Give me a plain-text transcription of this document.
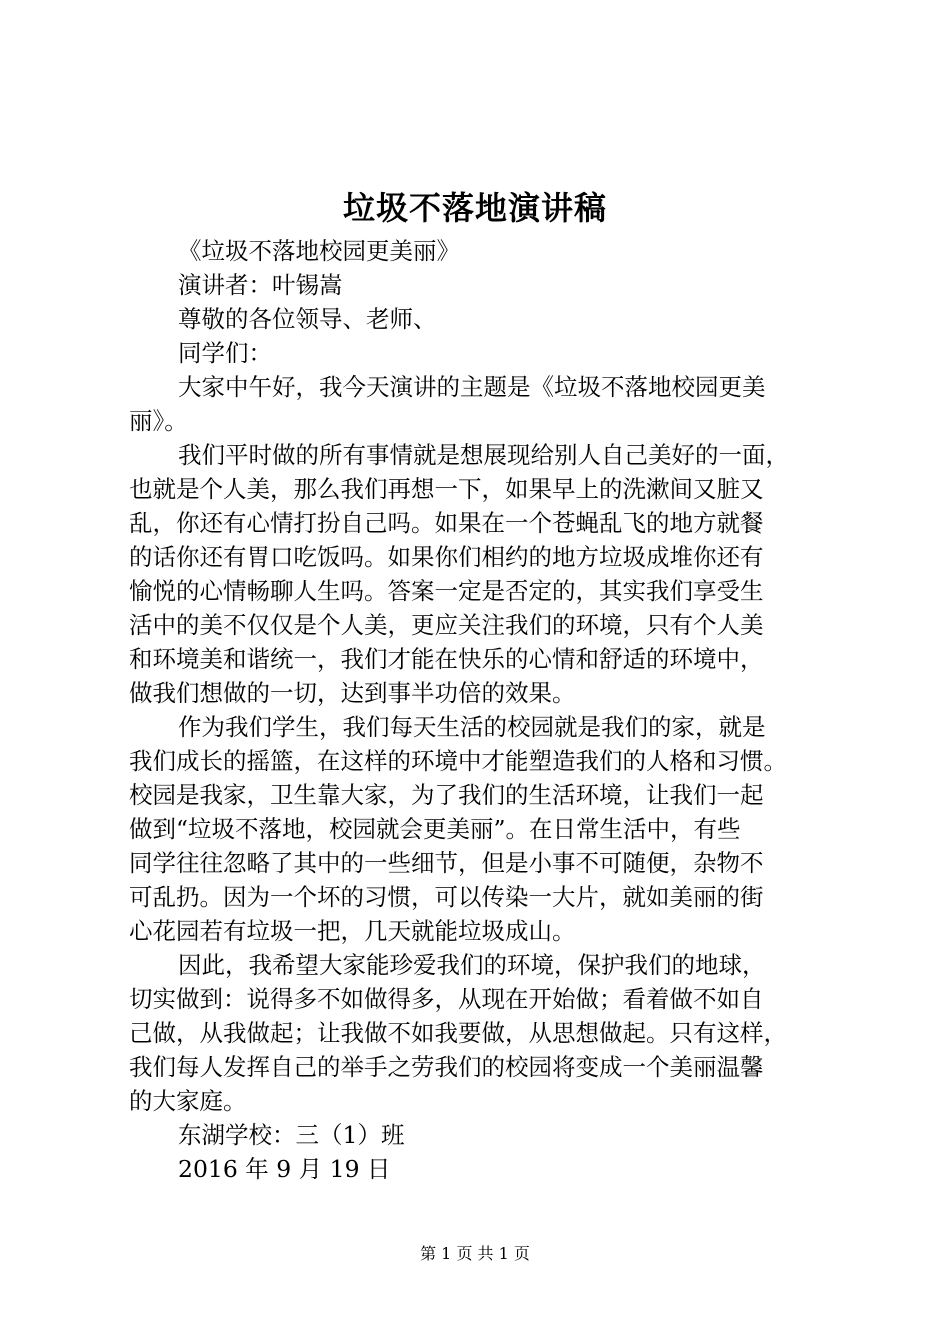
垃圾不落地演讲稿
《垃圾不落地校园更美丽》
演讲者：叶锡嵩
尊敬的各位领导、老师、
同学们：
大家中午好，我今天演讲的主题是《垃圾不落地校园更美
丽》。
我们平时做的所有事情就是想展现给别人自己美好的一面，
也就是个人美，那么我们再想一下，如果早上的洗漱间又脏又
乱，你还有心情打扮自己吗。如果在一个苍蝇乱飞的地方就餐
的话你还有胃口吃饭吗。如果你们相约的地方垃圾成堆你还有
愉悦的心情畅聊人生吗。答案一定是否定的，其实我们享受生
活中的美不仅仅是个人美，更应关注我们的环境，只有个人美
和环境美和谐统一，我们才能在快乐的心情和舒适的环境中，
做我们想做的一切，达到事半功倍的效果。
作为我们学生，我们每天生活的校园就是我们的家，就是
我们成长的摇篮，在这样的环境中才能塑造我们的人格和习惯。
校园是我家，卫生靠大家，为了我们的生活环境，让我们一起
做到“垃圾不落地，校园就会更美丽”。在日常生活中，有些
同学往往忽略了其中的一些细节，但是小事不可随便，杂物不
可乱扔。因为一个坏的习惯，可以传染一大片，就如美丽的街
心花园若有垃圾一把，几天就能垃圾成山。
因此，我希望大家能珍爱我们的环境，保护我们的地球，
切实做到：说得多不如做得多，从现在开始做；看着做不如自
己做，从我做起；让我做不如我要做，从思想做起。只有这样，
我们每人发挥自己的举手之劳我们的校园将变成一个美丽温馨
的大家庭。
东湖学校：三（1）班
2016 年 9 月 19 日
第 1 页 共 1 页
